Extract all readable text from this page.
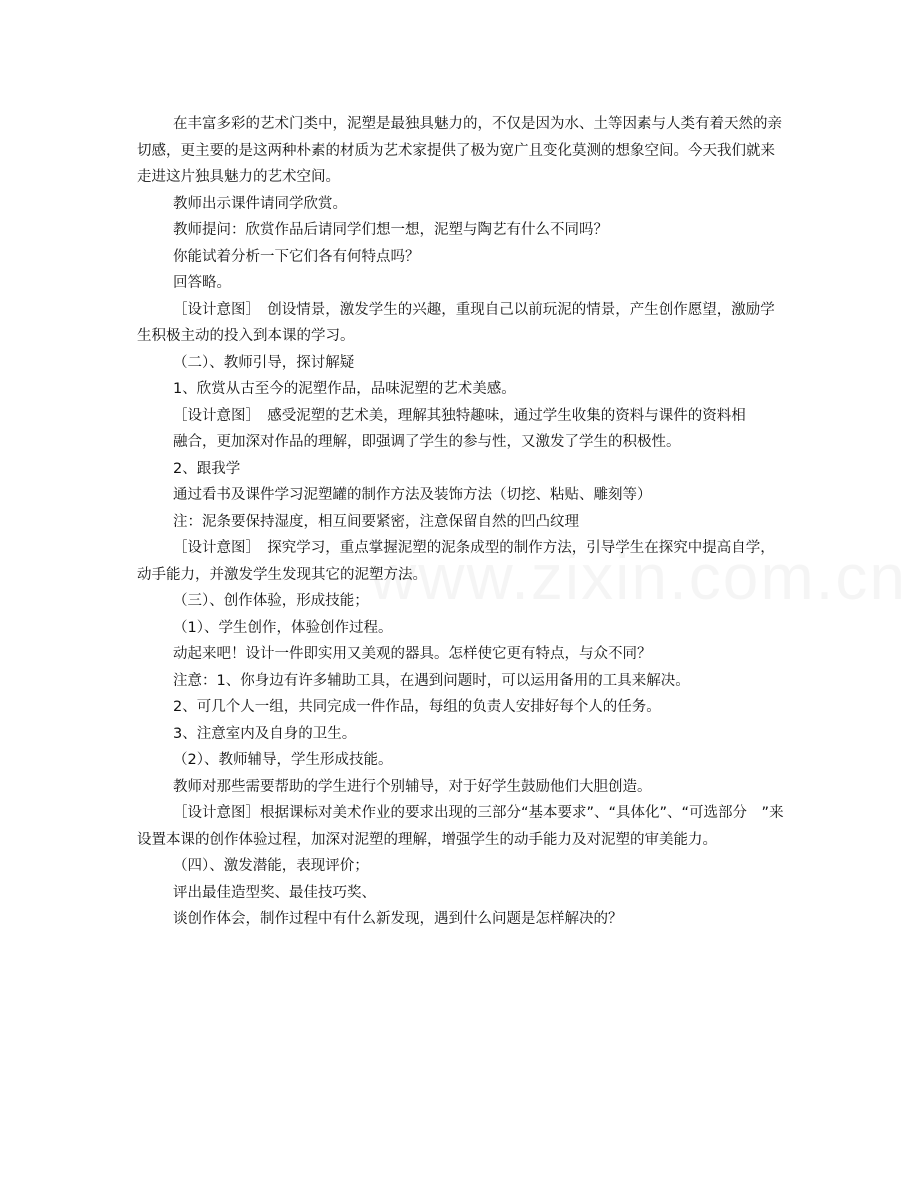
在丰富多彩的艺术门类中，泥塑是最独具魅力的，不仅是因为水、土等因素与人类有着天然的亲切感，更主要的是这两种朴素的材质为艺术家提供了极为宽广且变化莫测的想象空间。今天我们就来走进这片独具魅力的艺术空间。

教师出示课件请同学欣赏。

教师提问：欣赏作品后请同学们想一想，泥塑与陶艺有什么不同吗？

你能试着分析一下它们各有何特点吗？

回答略。

［设计意图］　创设情景，激发学生的兴趣，重现自己以前玩泥的情景，产生创作愿望，激励学生积极主动的投入到本课的学习。

（二）、教师引导，探讨解疑

1、欣赏从古至今的泥塑作品，品味泥塑的艺术美感。

［设计意图］　感受泥塑的艺术美，理解其独特趣味，通过学生收集的资料与课件的资料相

融合，更加深对作品的理解，即强调了学生的参与性，又激发了学生的积极性。

2、跟我学

通过看书及课件学习泥塑罐的制作方法及装饰方法（切挖、粘贴、雕刻等）

注：泥条要保持湿度，相互间要紧密，注意保留自然的凹凸纹理

［设计意图］　探究学习，重点掌握泥塑的泥条成型的制作方法，引导学生在探究中提高自学，动手能力，并激发学生发现其它的泥塑方法。

（三）、创作体验，形成技能；

（1）、学生创作，体验创作过程。

动起来吧！设计一件即实用又美观的器具。怎样使它更有特点，与众不同？

注意：1、你身边有许多辅助工具，在遇到问题时，可以运用备用的工具来解决。

2、可几个人一组，共同完成一件作品，每组的负责人安排好每个人的任务。

3、注意室内及自身的卫生。

（2）、教师辅导，学生形成技能。

教师对那些需要帮助的学生进行个别辅导，对于好学生鼓励他们大胆创造。

［设计意图］根据课标对美术作业的要求出现的三部分“基本要求”、“具体化”、“可选部分　”来设置本课的创作体验过程，加深对泥塑的理解，增强学生的动手能力及对泥塑的审美能力。

（四）、激发潜能，表现评价；

评出最佳造型奖、最佳技巧奖、

谈创作体会，制作过程中有什么新发现，遇到什么问题是怎样解决的？
